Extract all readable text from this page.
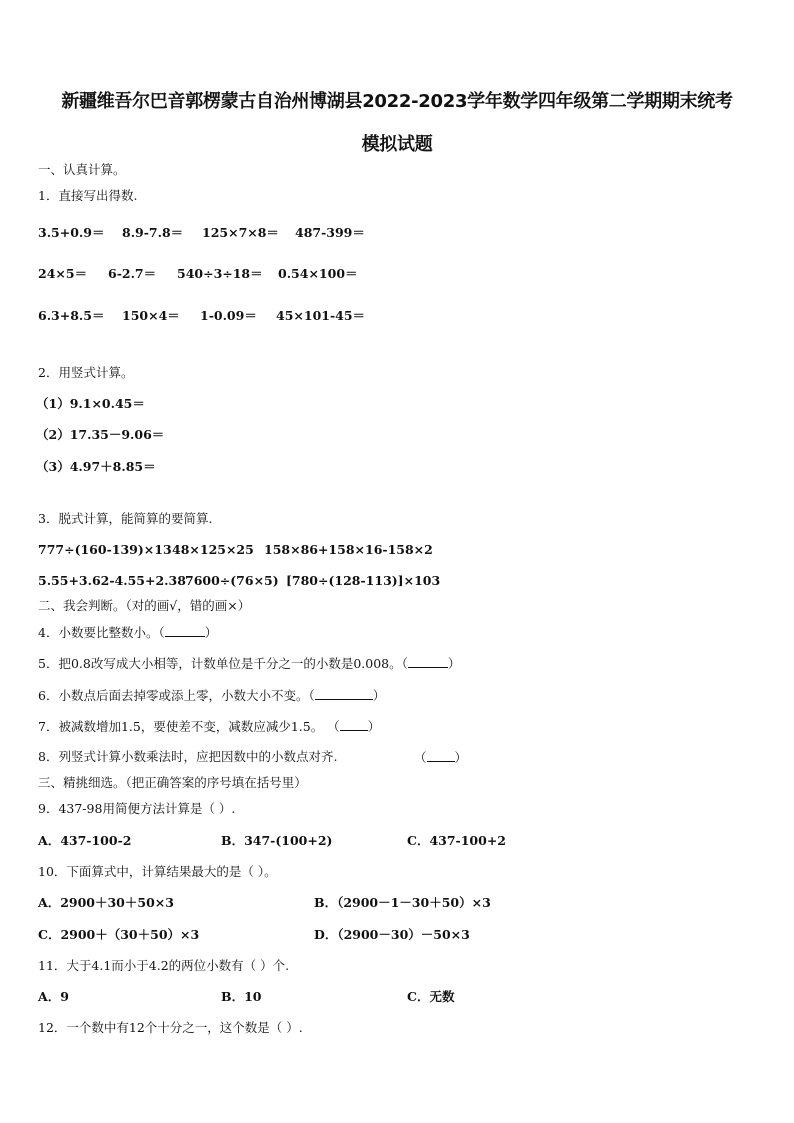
新疆维吾尔巴音郭楞蒙古自治州博湖县2022-2023学年数学四年级第二学期期末统考
模拟试题
一、认真计算。
1．直接写出得数.
3.5+0.9＝ 8.9-7.8＝ 125×7×8＝ 487-399＝
24×5＝ 6-2.7＝ 540÷3÷18＝ 0.54×100＝
6.3+8.5＝ 150×4＝ 1-0.09＝ 45×101-45＝
2．用竖式计算。
（1）9.1×0.45＝
（2）17.35－9.06＝
（3）4.97＋8.85＝
3．脱式计算，能简算的要简算.
777÷(160-139)×13 48×125×25 158×86+158×16-158×2
5.55+3.62-4.55+2.38 7600÷(76×5) [780÷(128-113)]×103
二、我会判断。（对的画√，错的画×）
4．小数要比整数小。（	）
5．把0.8改写成大小相等，计数单位是千分之一的小数是0.008。（	）
6．小数点后面去掉零或添上零，小数大小不变。（	）
7．被减数增加1.5，要使差不变，减数应减少1.5。 （ ）
8．列竖式计算小数乘法时，应把因数中的小数点对齐.	（ ）
三、精挑细选。（把正确答案的序号填在括号里）
9．437-98用简便方法计算是（ ）.
A．437-100-2	B．347-(100+2)	C．437-100+2
10．下面算式中，计算结果最大的是（ ）。
A．2900＋30＋50×3	B．（2900－1－30＋50）×3
C．2900＋（30＋50）×3	D．（2900－30）－50×3
11．大于4.1而小于4.2的两位小数有（ ）个.
A．9	B．10	C．无数
12．一个数中有12个十分之一，这个数是（ ）.
